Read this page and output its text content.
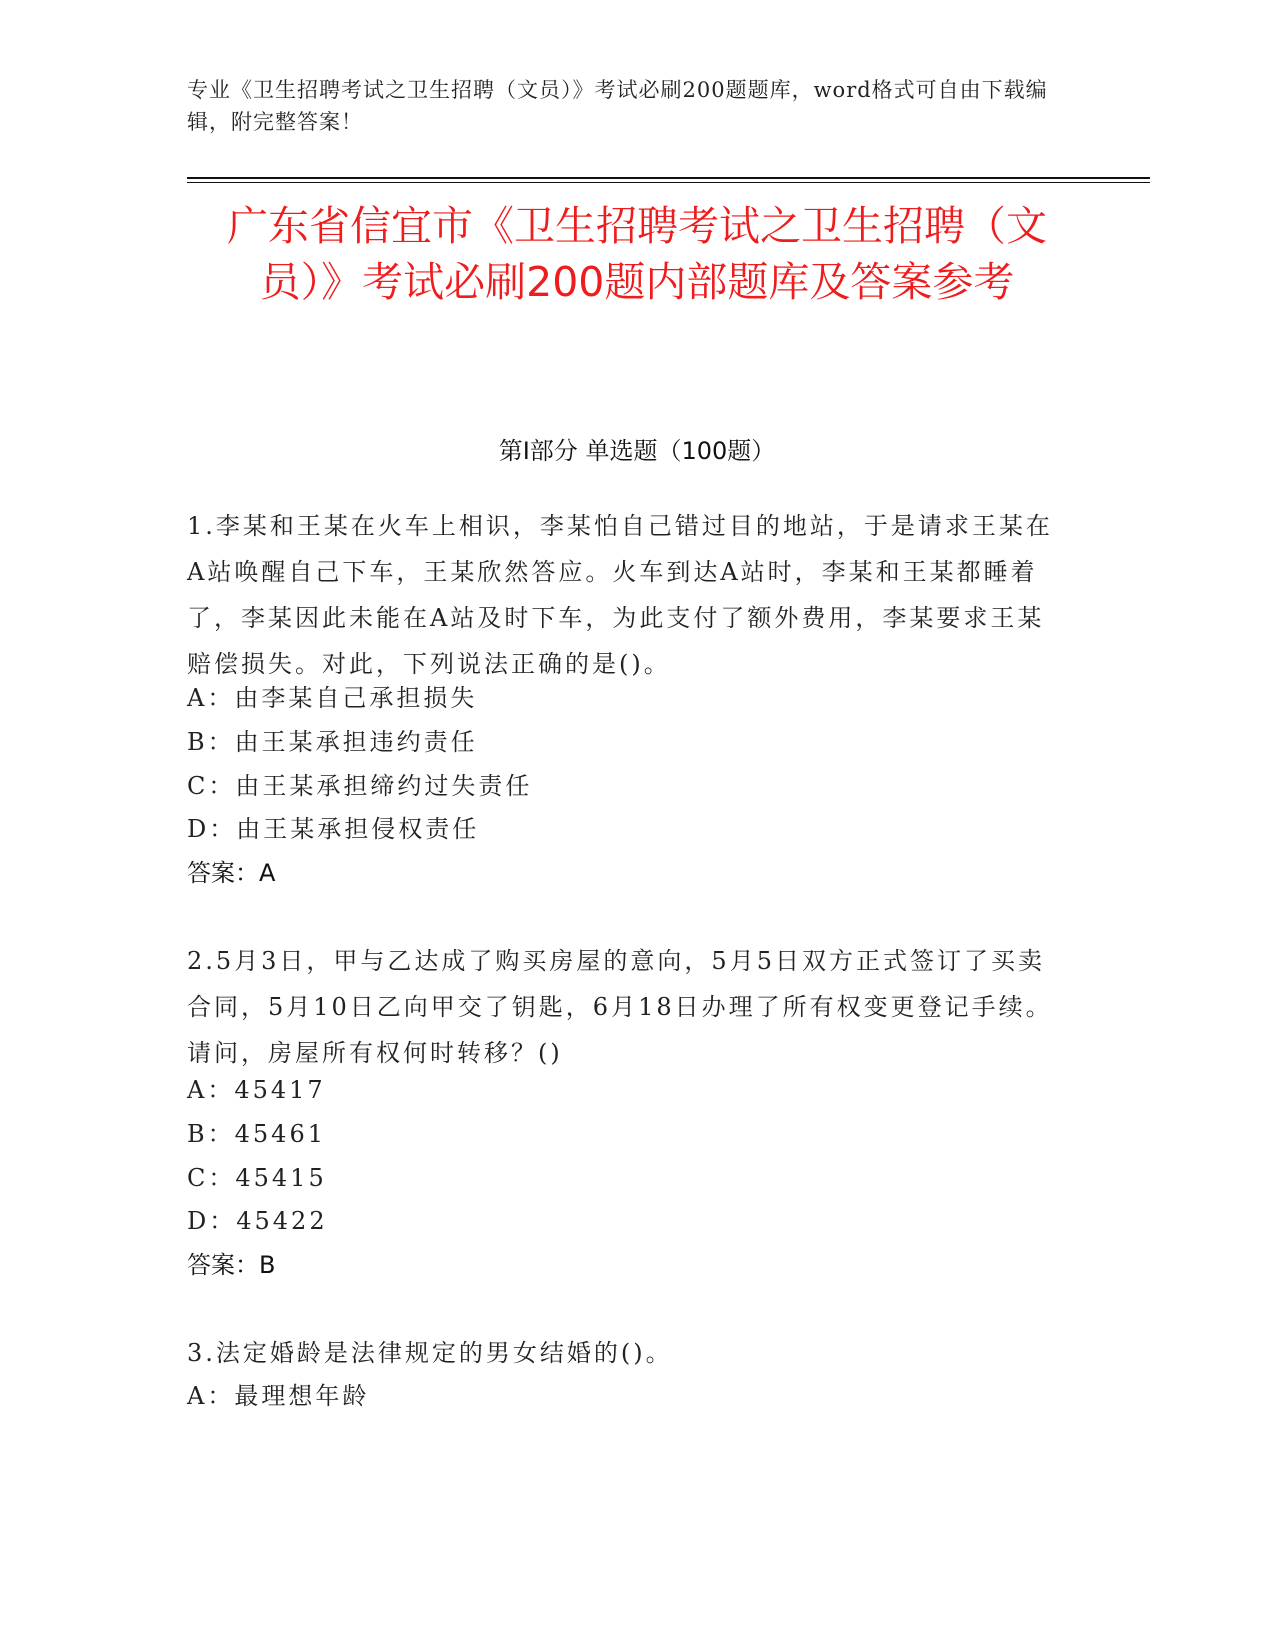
专业《卫生招聘考试之卫生招聘（文员）》考试必刷200题题库，word格式可自由下载编辑，附完整答案！
广东省信宜市《卫生招聘考试之卫生招聘（文员）》考试必刷200题内部题库及答案参考
第Ⅰ部分 单选题（100题）
1.李某和王某在火车上相识，李某怕自己错过目的地站，于是请求王某在A站唤醒自己下车，王某欣然答应。火车到达A站时，李某和王某都睡着了，李某因此未能在A站及时下车，为此支付了额外费用，李某要求王某赔偿损失。对此，下列说法正确的是()。
A：由李某自己承担损失
B：由王某承担违约责任
C：由王某承担缔约过失责任
D：由王某承担侵权责任
答案：A
2.5月3日，甲与乙达成了购买房屋的意向，5月5日双方正式签订了买卖合同，5月10日乙向甲交了钥匙，6月18日办理了所有权变更登记手续。请问，房屋所有权何时转移？()
A：45417
B：45461
C：45415
D：45422
答案：B
3.法定婚龄是法律规定的男女结婚的()。
A：最理想年龄
